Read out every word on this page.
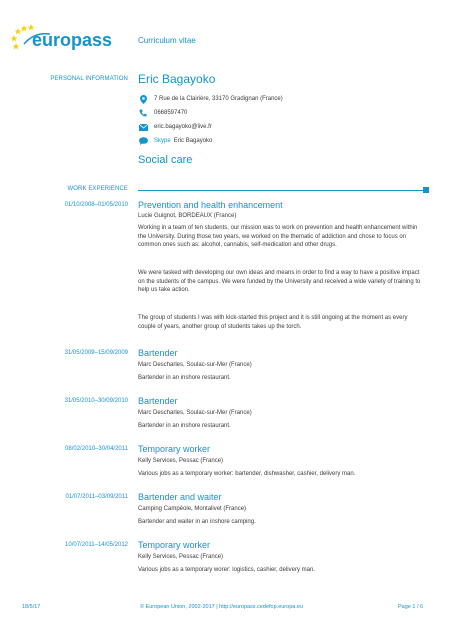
europass	Curriculum vitae
PERSONAL INFORMATION Eric Bagayoko
7 Rue de la Clairière, 33170 Gradignan (France)
0668597470
eric.bagayoko@live.fr
Skype Eric Bagayoko
Social care
WORK EXPERIENCE
01/10/2008–01/05/2010 Prevention and health enhancement
Lucie Guignot, BORDEAUX (France)
Working in a team of ten students, our mission was to work on prevention and health enhancement within the University. During those two years, we worked on the thematic of addiction and chose to focus on common ones such as: alcohol, cannabis, self-medication and other drugs.
We were tasked with developing our own ideas and means in order to find a way to have a positive impact on the students of the campus. We were funded by the University and received a wide variety of training to help us take action.
The group of students I was with kick-started this project and it is still ongoing at the moment as every couple of years, another group of students takes up the torch.
31/05/2009–15/09/2009 Bartender
Marc Descharles, Soulac-sur-Mer (France)
Bartender in an inshore restaurant.
31/05/2010–30/09/2010 Bartender
Marc Descharles, Soulac-sur-Mer (France)
Bartender in an inshore restaurant.
08/02/2010–30/04/2011 Temporary worker
Kelly Services, Pessac (France)
Various jobs as a temporary worker: bartender, dishwasher, cashier, delivery man.
01/07/2011–03/09/2011 Bartender and waiter
Camping Campéole, Montalivet (France)
Bartender and waiter in an inshore camping.
10/07/2011–14/05/2012 Temporary worker
Kelly Services, Pessac (France)
Various jobs as a temporary worer: logistics, cashier, delivery man.
18/5/17	© European Union, 2002-2017 | http://europass.cedefop.europa.eu	Page 1 / 6
